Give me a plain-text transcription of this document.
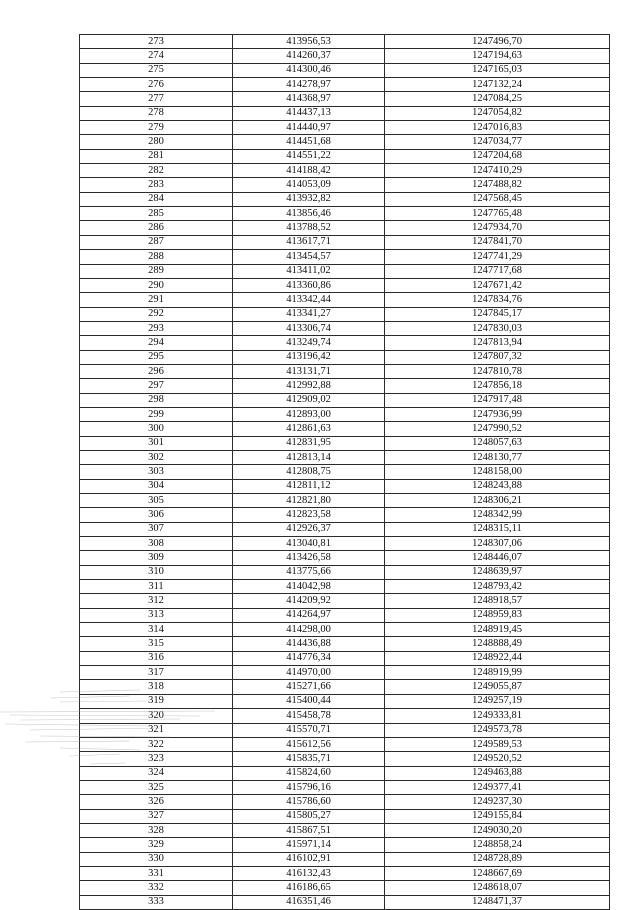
273	413956,53	1247496,70
274	414260,37	1247194,63
275	414300,46	1247165,03
276	414278,97	1247132,24
277	414368,97	1247084,25
278	414437,13	1247054,82
279	414440,97	1247016,83
280	414451,68	1247034,77
281	414551,22	1247204,68
282	414188,42	1247410,29
283	414053,09	1247488,82
284	413932,82	1247568,45
285	413856,46	1247765,48
286	413788,52	1247934,70
287	413617,71	1247841,70
288	413454,57	1247741,29
289	413411,02	1247717,68
290	413360,86	1247671,42
291	413342,44	1247834,76
292	413341,27	1247845,17
293	413306,74	1247830,03
294	413249,74	1247813,94
295	413196,42	1247807,32
296	413131,71	1247810,78
297	412992,88	1247856,18
298	412909,02	1247917,48
299	412893,00	1247936,99
300	412861,63	1247990,52
301	412831,95	1248057,63
302	412813,14	1248130,77
303	412808,75	1248158,00
304	412811,12	1248243,88
305	412821,80	1248306,21
306	412823,58	1248342,99
307	412926,37	1248315,11
308	413040,81	1248307,06
309	413426,58	1248446,07
310	413775,66	1248639,97
311	414042,98	1248793,42
312	414209,92	1248918,57
313	414264,97	1248959,83
314	414298,00	1248919,45
315	414436,88	1248888,49
316	414776,34	1248922,44
317	414970,00	1248919,99
318	415271,66	1249055,87
319	415400,44	1249257,19
320	415458,78	1249333,81
321	415570,71	1249573,78
322	415612,56	1249589,53
323	415835,71	1249520,52
324	415824,60	1249463,88
325	415796,16	1249377,41
326	415786,60	1249237,30
327	415805,27	1249155,84
328	415867,51	1249030,20
329	415971,14	1248858,24
330	416102,91	1248728,89
331	416132,43	1248667,69
332	416186,65	1248618,07
333	416351,46	1248471,37
